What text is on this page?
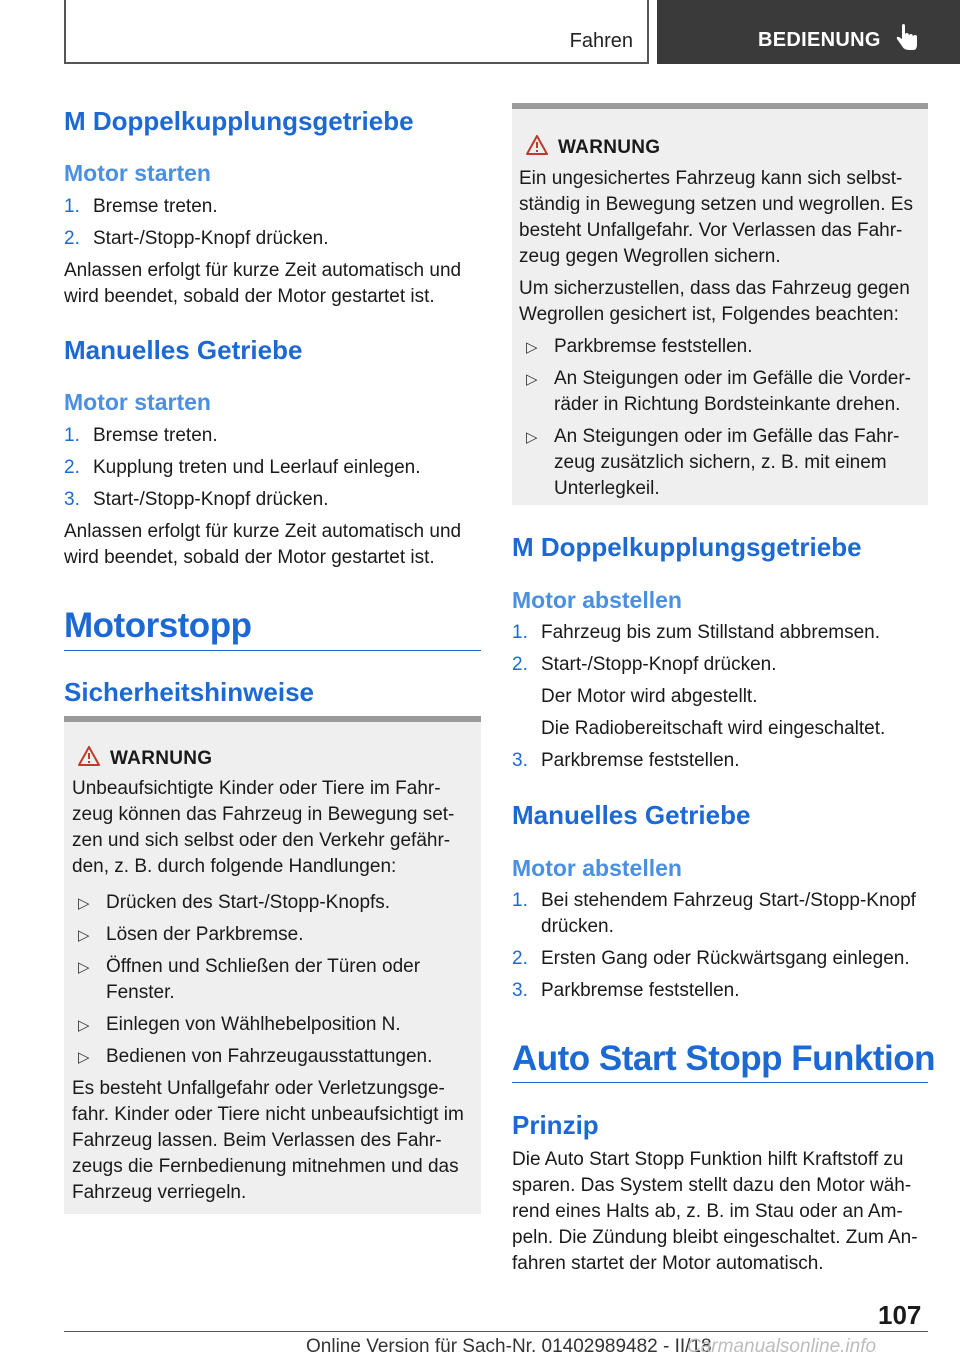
Fahren	BEDIENUNG
M Doppelkupplungsgetriebe
Motor starten
1. Bremse treten.
2. Start-/Stopp-Knopf drücken.
Anlassen erfolgt für kurze Zeit automatisch und
wird beendet, sobald der Motor gestartet ist.
Manuelles Getriebe
Motor starten
1. Bremse treten.
2. Kupplung treten und Leerlauf einlegen.
3. Start-/Stopp-Knopf drücken.
Anlassen erfolgt für kurze Zeit automatisch und
wird beendet, sobald der Motor gestartet ist.
Motorstopp
Sicherheitshinweise
WARNUNG
Unbeaufsichtigte Kinder oder Tiere im Fahr-
zeug können das Fahrzeug in Bewegung set-
zen und sich selbst oder den Verkehr gefähr-
den, z. B. durch folgende Handlungen:
▷ Drücken des Start-/Stopp-Knopfs.
▷ Lösen der Parkbremse.
▷ Öffnen und Schließen der Türen oder
Fenster.
▷ Einlegen von Wählhebelposition N.
▷ Bedienen von Fahrzeugausstattungen.
Es besteht Unfallgefahr oder Verletzungsge-
fahr. Kinder oder Tiere nicht unbeaufsichtigt im
Fahrzeug lassen. Beim Verlassen des Fahr-
zeugs die Fernbedienung mitnehmen und das
Fahrzeug verriegeln.
WARNUNG
Ein ungesichertes Fahrzeug kann sich selbst-
ständig in Bewegung setzen und wegrollen. Es
besteht Unfallgefahr. Vor Verlassen das Fahr-
zeug gegen Wegrollen sichern.
Um sicherzustellen, dass das Fahrzeug gegen
Wegrollen gesichert ist, Folgendes beachten:
▷ Parkbremse feststellen.
▷ An Steigungen oder im Gefälle die Vorder-
räder in Richtung Bordsteinkante drehen.
▷ An Steigungen oder im Gefälle das Fahr-
zeug zusätzlich sichern, z. B. mit einem
Unterlegkeil.
M Doppelkupplungsgetriebe
Motor abstellen
1. Fahrzeug bis zum Stillstand abbremsen.
2. Start-/Stopp-Knopf drücken.
Der Motor wird abgestellt.
Die Radiobereitschaft wird eingeschaltet.
3. Parkbremse feststellen.
Manuelles Getriebe
Motor abstellen
1. Bei stehendem Fahrzeug Start-/Stopp-Knopf
drücken.
2. Ersten Gang oder Rückwärtsgang einlegen.
3. Parkbremse feststellen.
Auto Start Stopp Funktion
Prinzip
Die Auto Start Stopp Funktion hilft Kraftstoff zu
sparen. Das System stellt dazu den Motor wäh-
rend eines Halts ab, z. B. im Stau oder an Am-
peln. Die Zündung bleibt eingeschaltet. Zum An-
fahren startet der Motor automatisch.
107
Online Version für Sach-Nr. 01402989482 - II/18
Carmanualsonline.info
